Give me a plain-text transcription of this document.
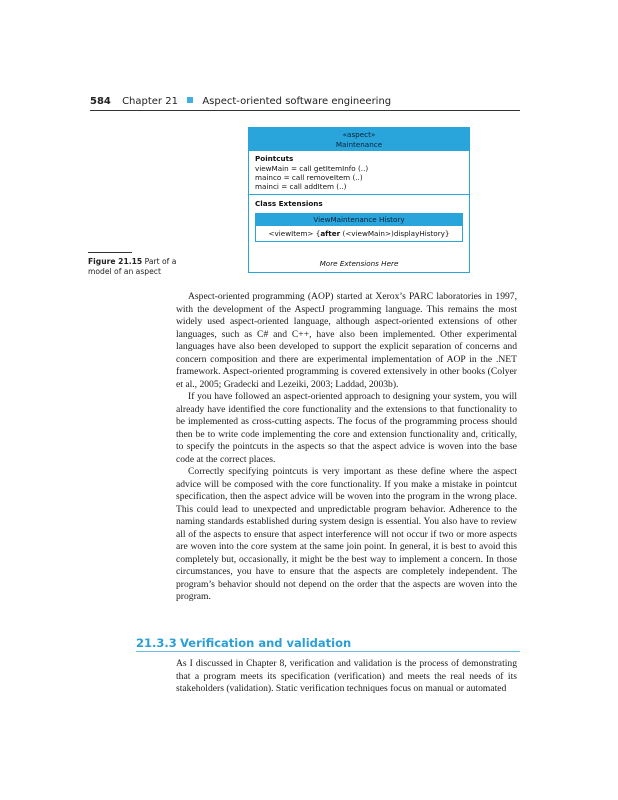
584 Chapter 21 Aspect-oriented software engineering
«aspect»
Maintenance
Pointcuts
viewMain = call getItemInfo (..)
mainco = call removeItem (..)
mainci = call addItem (..)
Class Extensions
ViewMaintenance History
<viewItem> {after (<viewMain>)displayHistory}
More Extensions Here
Figure 21.15 Part of a model of an aspect

Aspect-oriented programming (AOP) started at Xerox’s PARC laboratories in 1997, with the development of the AspectJ programming language. This remains the most widely used aspect-oriented language, although aspect-oriented extensions of other languages, such as C# and C++, have also been implemented. Other experimental languages have also been developed to support the explicit separation of concerns and concern composition and there are experimental implementation of AOP in the .NET framework. Aspect-oriented programming is covered extensively in other books (Colyer et al., 2005; Gradecki and Lezeiki, 2003; Laddad, 2003b).

If you have followed an aspect-oriented approach to designing your system, you will already have identified the core functionality and the extensions to that functionality to be implemented as cross-cutting aspects. The focus of the programming process should then be to write code implementing the core and extension functionality and, critically, to specify the pointcuts in the aspects so that the aspect advice is woven into the base code at the correct places.

Correctly specifying pointcuts is very important as these define where the aspect advice will be composed with the core functionality. If you make a mistake in pointcut specification, then the aspect advice will be woven into the program in the wrong place. This could lead to unexpected and unpredictable program behavior. Adherence to the naming standards established during system design is essential. You also have to review all of the aspects to ensure that aspect interference will not occur if two or more aspects are woven into the core system at the same join point. In general, it is best to avoid this completely but, occasionally, it might be the best way to implement a concern. In those circumstances, you have to ensure that the aspects are completely independent. The program’s behavior should not depend on the order that the aspects are woven into the program.

21.3.3 Verification and validation

As I discussed in Chapter 8, verification and validation is the process of demonstrating that a program meets its specification (verification) and meets the real needs of its stakeholders (validation). Static verification techniques focus on manual or automated
